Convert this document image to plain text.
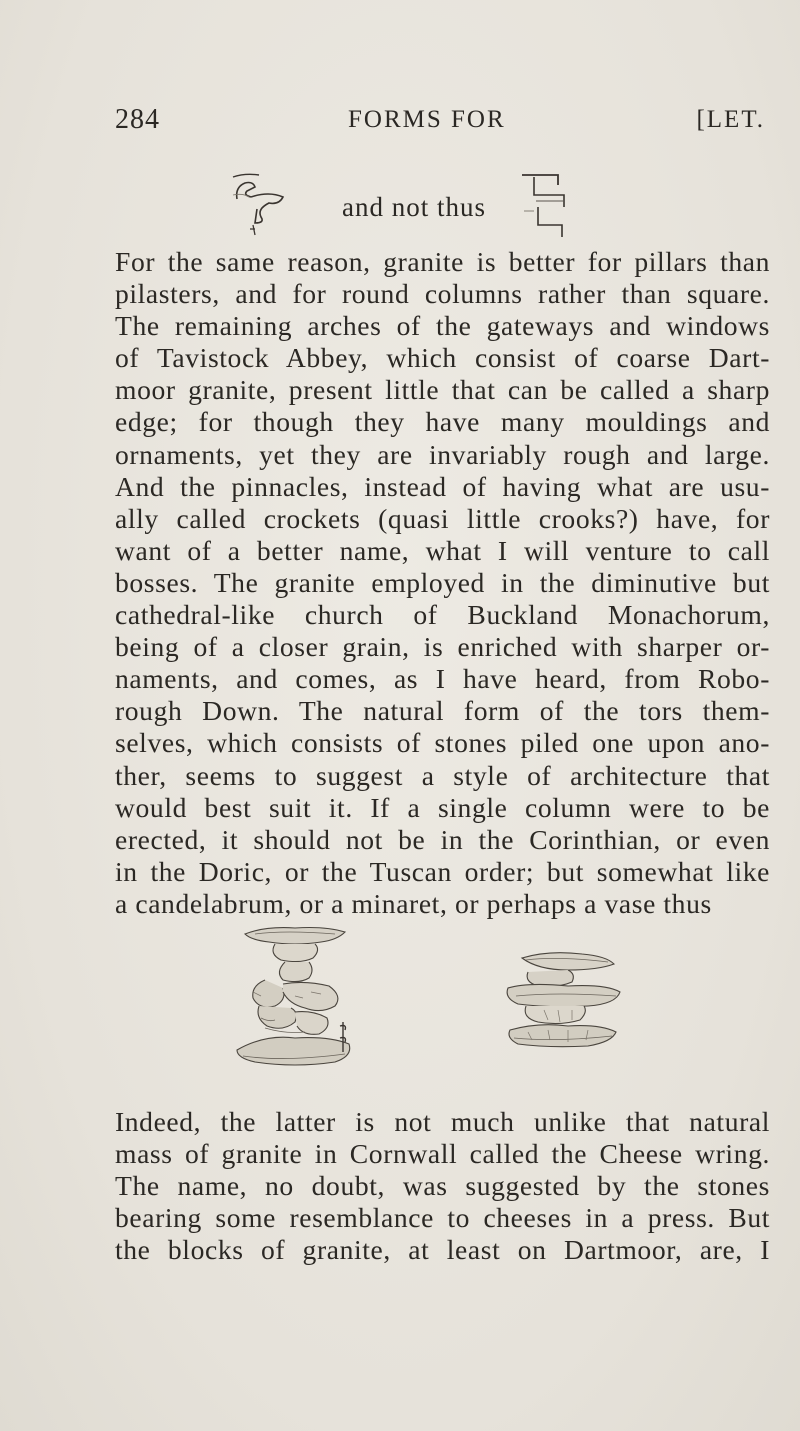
284	FORMS FOR	[LET.
and not thus
For the same reason, granite is better for pillars than
pilasters, and for round columns rather than square.
The remaining arches of the gateways and windows
of Tavistock Abbey, which consist of coarse Dart-
moor granite, present little that can be called a sharp
edge; for though they have many mouldings and
ornaments, yet they are invariably rough and large.
And the pinnacles, instead of having what are usu-
ally called crockets (quasi little crooks?) have, for
want of a better name, what I will venture to call
bosses. The granite employed in the diminutive but
cathedral-like church of Buckland Monachorum,
being of a closer grain, is enriched with sharper or-
naments, and comes, as I have heard, from Robo-
rough Down. The natural form of the tors them-
selves, which consists of stones piled one upon ano-
ther, seems to suggest a style of architecture that
would best suit it. If a single column were to be
erected, it should not be in the Corinthian, or even
in the Doric, or the Tuscan order; but somewhat like
a candelabrum, or a minaret, or perhaps a vase thus
Indeed, the latter is not much unlike that natural
mass of granite in Cornwall called the Cheese wring.
The name, no doubt, was suggested by the stones
bearing some resemblance to cheeses in a press. But
the blocks of granite, at least on Dartmoor, are, I
